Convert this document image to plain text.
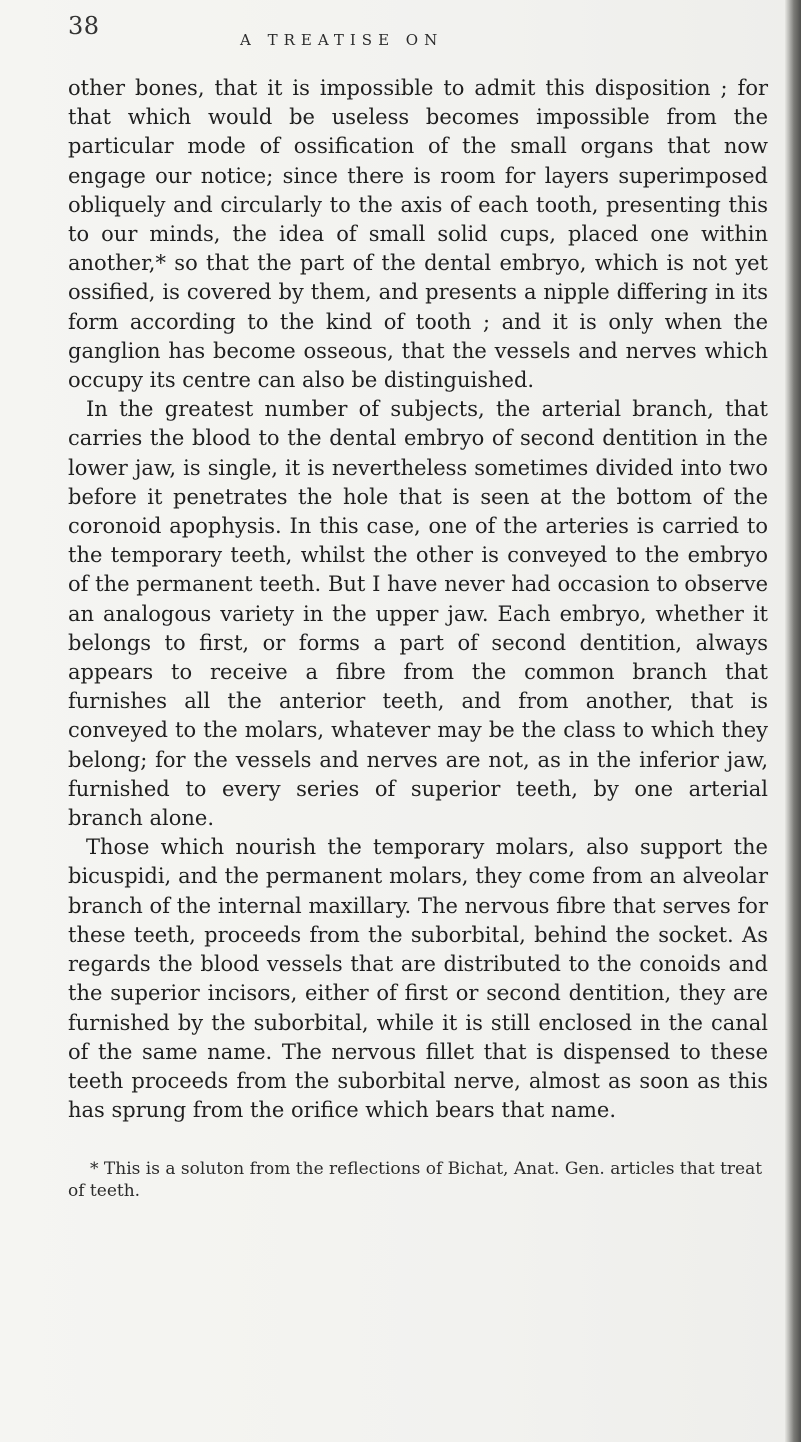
38	A TREATISE ON

other bones, that it is impossible to admit this disposition ; for that which would be useless becomes impossible from the particular mode of ossification of the small organs that now engage our notice; since there is room for layers superimposed obliquely and circularly to the axis of each tooth, presenting this to our minds, the idea of small solid cups, placed one within another,* so that the part of the dental embryo, which is not yet ossified, is covered by them, and presents a nipple differing in its form according to the kind of tooth ; and it is only when the ganglion has become osseous, that the vessels and nerves which occupy its centre can also be distinguished.

In the greatest number of subjects, the arterial branch, that carries the blood to the dental embryo of second dentition in the lower jaw, is single, it is nevertheless sometimes divided into two before it penetrates the hole that is seen at the bottom of the coronoid apophysis. In this case, one of the arteries is carried to the temporary teeth, whilst the other is conveyed to the embryo of the permanent teeth. But I have never had occasion to observe an analogous variety in the upper jaw. Each embryo, whether it belongs to first, or forms a part of second dentition, always appears to receive a fibre from the common branch that furnishes all the anterior teeth, and from another, that is conveyed to the molars, whatever may be the class to which they belong; for the vessels and nerves are not, as in the inferior jaw, furnished to every series of superior teeth, by one arterial branch alone.

Those which nourish the temporary molars, also support the bicuspidi, and the permanent molars, they come from an alveolar branch of the internal maxillary. The nervous fibre that serves for these teeth, proceeds from the suborbital, behind the socket. As regards the blood vessels that are distributed to the conoids and the superior incisors, either of first or second dentition, they are furnished by the suborbital, while it is still enclosed in the canal of the same name. The nervous fillet that is dispensed to these teeth proceeds from the suborbital nerve, almost as soon as this has sprung from the orifice which bears that name.

* This is a soluton from the reflections of Bichat, Anat. Gen. articles that treat of teeth.
